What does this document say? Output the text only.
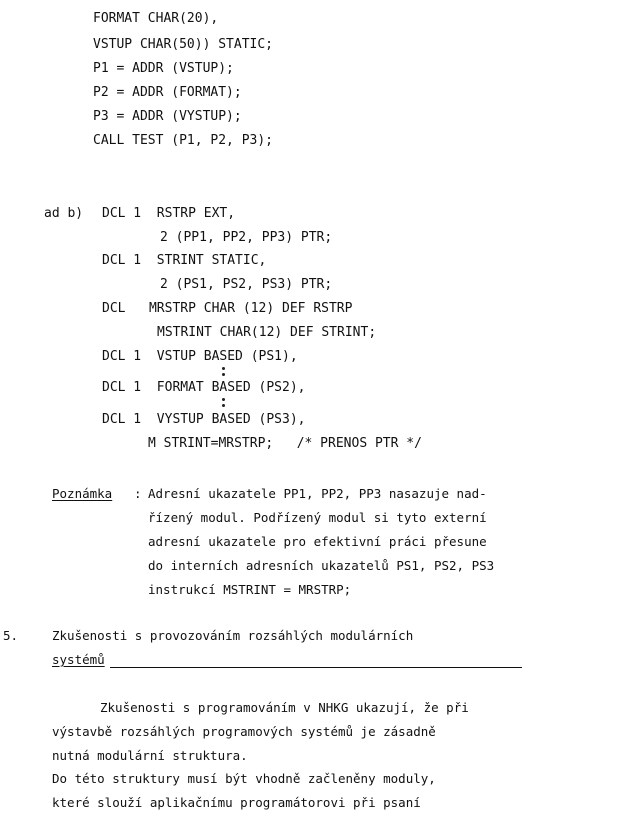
FORMAT CHAR(20),
VSTUP CHAR(50)) STATIC;
P1 = ADDR (VSTUP);
P2 = ADDR (FORMAT);
P3 = ADDR (VYSTUP);
CALL TEST (P1, P2, P3);
ad b) DCL 1  RSTRP EXT,
2 (PP1, PP2, PP3) PTR;
DCL 1  STRINT STATIC,
2 (PS1, PS2, PS3) PTR;
DCL   MRSTRP CHAR (12) DEF RSTRP
MSTRINT CHAR(12) DEF STRINT;
DCL 1  VSTUP BASED (PS1),
DCL 1  FORMAT BASED (PS2),
DCL 1  VYSTUP BASED (PS3),
M STRINT=MRSTRP;   /* PRENOS PTR */
Poznámka : Adresní ukazatele PP1, PP2, PP3 nasazuje nad-
řízený modul. Podřízený modul si tyto externí
adresní ukazatele pro efektivní práci přesune
do interních adresních ukazatelů PS1, PS2, PS3
instrukcí MSTRINT = MRSTRP;
5.	Zkušenosti s provozováním rozsáhlých modulárních
systémů
Zkušenosti s programováním v NHKG ukazují, že při
výstavbě rozsáhlých programových systémů je zásadně
nutná modulární struktura.
Do této struktury musí být vhodně začleněny moduly,
které slouží aplikačnímu programátorovi při psaní
